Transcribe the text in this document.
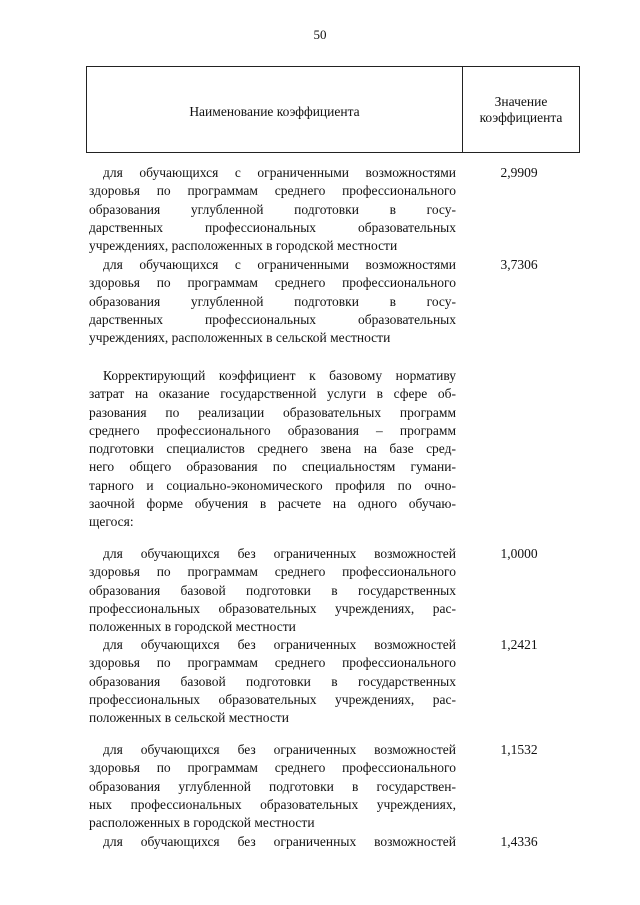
50
Наименование коэффициента
Значение
коэффициента
для обучающихся с ограниченными возможностями
здоровья по программам среднего профессионального
образования углубленной подготовки в госу-
дарственных профессиональных образовательных
учреждениях, расположенных в городской местности
2,9909
для обучающихся с ограниченными возможностями
здоровья по программам среднего профессионального
образования углубленной подготовки в госу-
дарственных профессиональных образовательных
учреждениях, расположенных в сельской местности
3,7306
Корректирующий коэффициент к базовому нормативу
затрат на оказание государственной услуги в сфере об-
разования по реализации образовательных программ
среднего профессионального образования – программ
подготовки специалистов среднего звена на базе сред-
него общего образования по специальностям гумани-
тарного и социально-экономического профиля по очно-
заочной форме обучения в расчете на одного обучаю-
щегося:
для обучающихся без ограниченных возможностей
здоровья по программам среднего профессионального
образования базовой подготовки в государственных
профессиональных образовательных учреждениях, рас-
положенных в городской местности
1,0000
для обучающихся без ограниченных возможностей
здоровья по программам среднего профессионального
образования базовой подготовки в государственных
профессиональных образовательных учреждениях, рас-
положенных в сельской местности
1,2421
для обучающихся без ограниченных возможностей
здоровья по программам среднего профессионального
образования углубленной подготовки в государствен-
ных профессиональных образовательных учреждениях,
расположенных в городской местности
1,1532
для обучающихся без ограниченных возможностей	1,4336
